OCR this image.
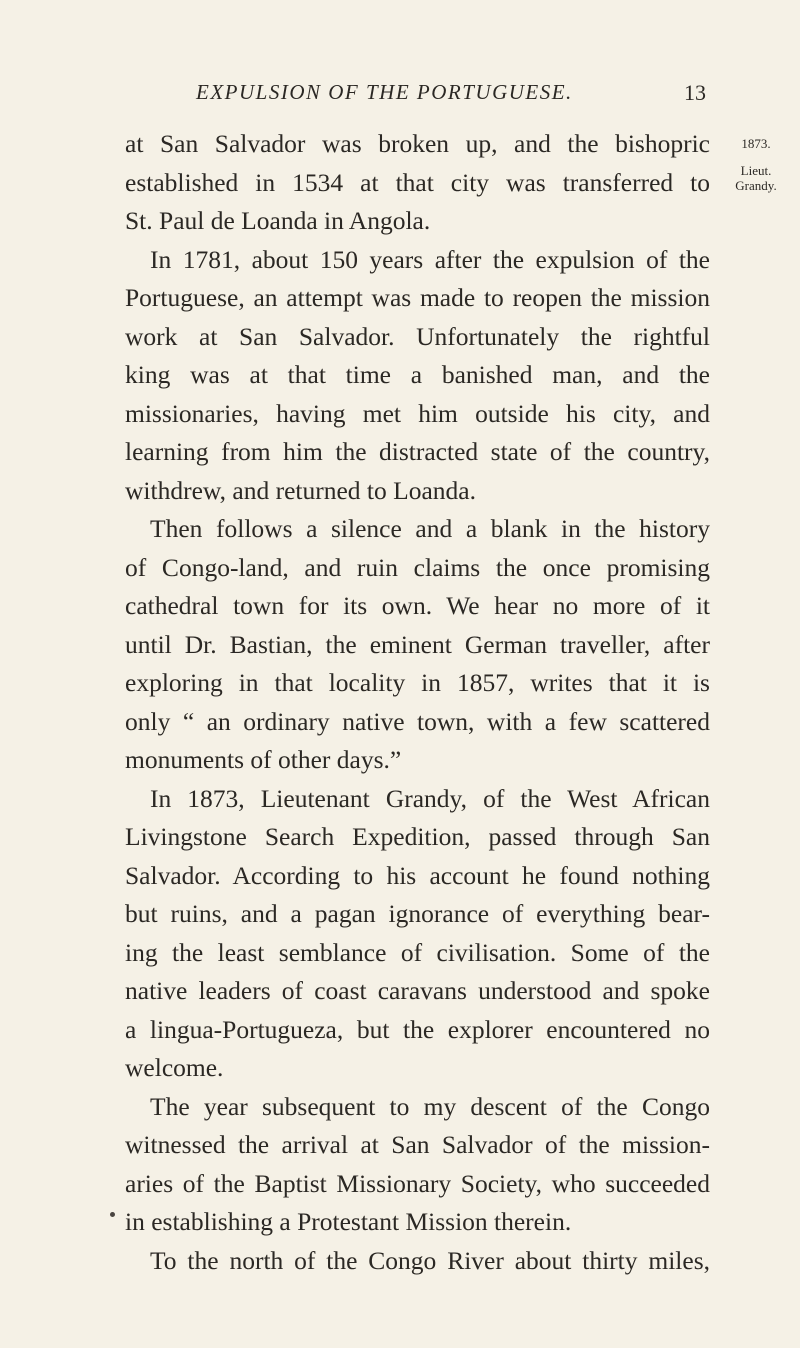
EXPULSION OF THE PORTUGUESE.	13
1873.
Lieut.
Grandy.
at San Salvador was broken up, and the bishopric
established in 1534 at that city was transferred to
St. Paul de Loanda in Angola.
In 1781, about 150 years after the expulsion of the
Portuguese, an attempt was made to reopen the mission
work at San Salvador. Unfortunately the rightful
king was at that time a banished man, and the
missionaries, having met him outside his city, and
learning from him the distracted state of the country,
withdrew, and returned to Loanda.
Then follows a silence and a blank in the history
of Congo-land, and ruin claims the once promising
cathedral town for its own. We hear no more of it
until Dr. Bastian, the eminent German traveller, after
exploring in that locality in 1857, writes that it is
only “ an ordinary native town, with a few scattered
monuments of other days.”
In 1873, Lieutenant Grandy, of the West African
Livingstone Search Expedition, passed through San
Salvador. According to his account he found nothing
but ruins, and a pagan ignorance of everything bear-
ing the least semblance of civilisation. Some of the
native leaders of coast caravans understood and spoke
a lingua-Portugueza, but the explorer encountered no
welcome.
The year subsequent to my descent of the Congo
witnessed the arrival at San Salvador of the mission-
aries of the Baptist Missionary Society, who succeeded
in establishing a Protestant Mission therein.
To the north of the Congo River about thirty miles,
